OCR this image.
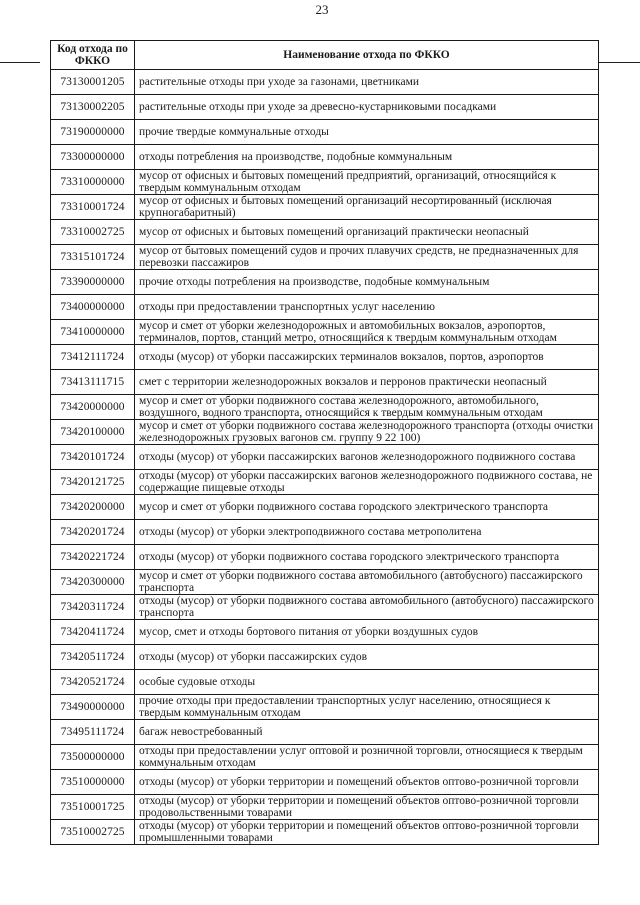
23
Код отхода по ФККО	Наименование отхода по ФККО
73130001205	растительные отходы при уходе за газонами, цветниками
73130002205	растительные отходы при уходе за древесно-кустарниковыми посадками
73190000000	прочие твердые коммунальные отходы
73300000000	отходы потребления на производстве, подобные коммунальным
73310000000	мусор от офисных и бытовых помещений предприятий, организаций, относящийся к твердым коммунальным отходам
73310001724	мусор от офисных и бытовых помещений организаций несортированный (исключая крупногабаритный)
73310002725	мусор от офисных и бытовых помещений организаций практически неопасный
73315101724	мусор от бытовых помещений судов и прочих плавучих средств, не предназначенных для перевозки пассажиров
73390000000	прочие отходы потребления на производстве, подобные коммунальным
73400000000	отходы при предоставлении транспортных услуг населению
73410000000	мусор и смет от уборки железнодорожных и автомобильных вокзалов, аэропортов, терминалов, портов, станций метро, относящийся к твердым коммунальным отходам
73412111724	отходы (мусор) от уборки пассажирских терминалов вокзалов, портов, аэропортов
73413111715	смет с территории железнодорожных вокзалов и перронов практически неопасный
73420000000	мусор и смет от уборки подвижного состава железнодорожного, автомобильного, воздушного, водного транспорта, относящийся к твердым коммунальным отходам
73420100000	мусор и смет от уборки подвижного состава железнодорожного транспорта (отходы очистки железнодорожных грузовых вагонов см. группу 9 22 100)
73420101724	отходы (мусор) от уборки пассажирских вагонов железнодорожного подвижного состава
73420121725	отходы (мусор) от уборки пассажирских вагонов железнодорожного подвижного состава, не содержащие пищевые отходы
73420200000	мусор и смет от уборки подвижного состава городского электрического транспорта
73420201724	отходы (мусор) от уборки электроподвижного состава метрополитена
73420221724	отходы (мусор) от уборки подвижного состава городского электрического транспорта
73420300000	мусор и смет от уборки подвижного состава автомобильного (автобусного) пассажирского транспорта
73420311724	отходы (мусор) от уборки подвижного состава автомобильного (автобусного) пассажирского транспорта
73420411724	мусор, смет и отходы бортового питания от уборки воздушных судов
73420511724	отходы (мусор) от уборки пассажирских судов
73420521724	особые судовые отходы
73490000000	прочие отходы при предоставлении транспортных услуг населению, относящиеся к твердым коммунальным отходам
73495111724	багаж невостребованный
73500000000	отходы при предоставлении услуг оптовой и розничной торговли, относящиеся к твердым коммунальным отходам
73510000000	отходы (мусор) от уборки территории и помещений объектов оптово-розничной торговли
73510001725	отходы (мусор) от уборки территории и помещений объектов оптово-розничной торговли продовольственными товарами
73510002725	отходы (мусор) от уборки территории и помещений объектов оптово-розничной торговли промышленными товарами
